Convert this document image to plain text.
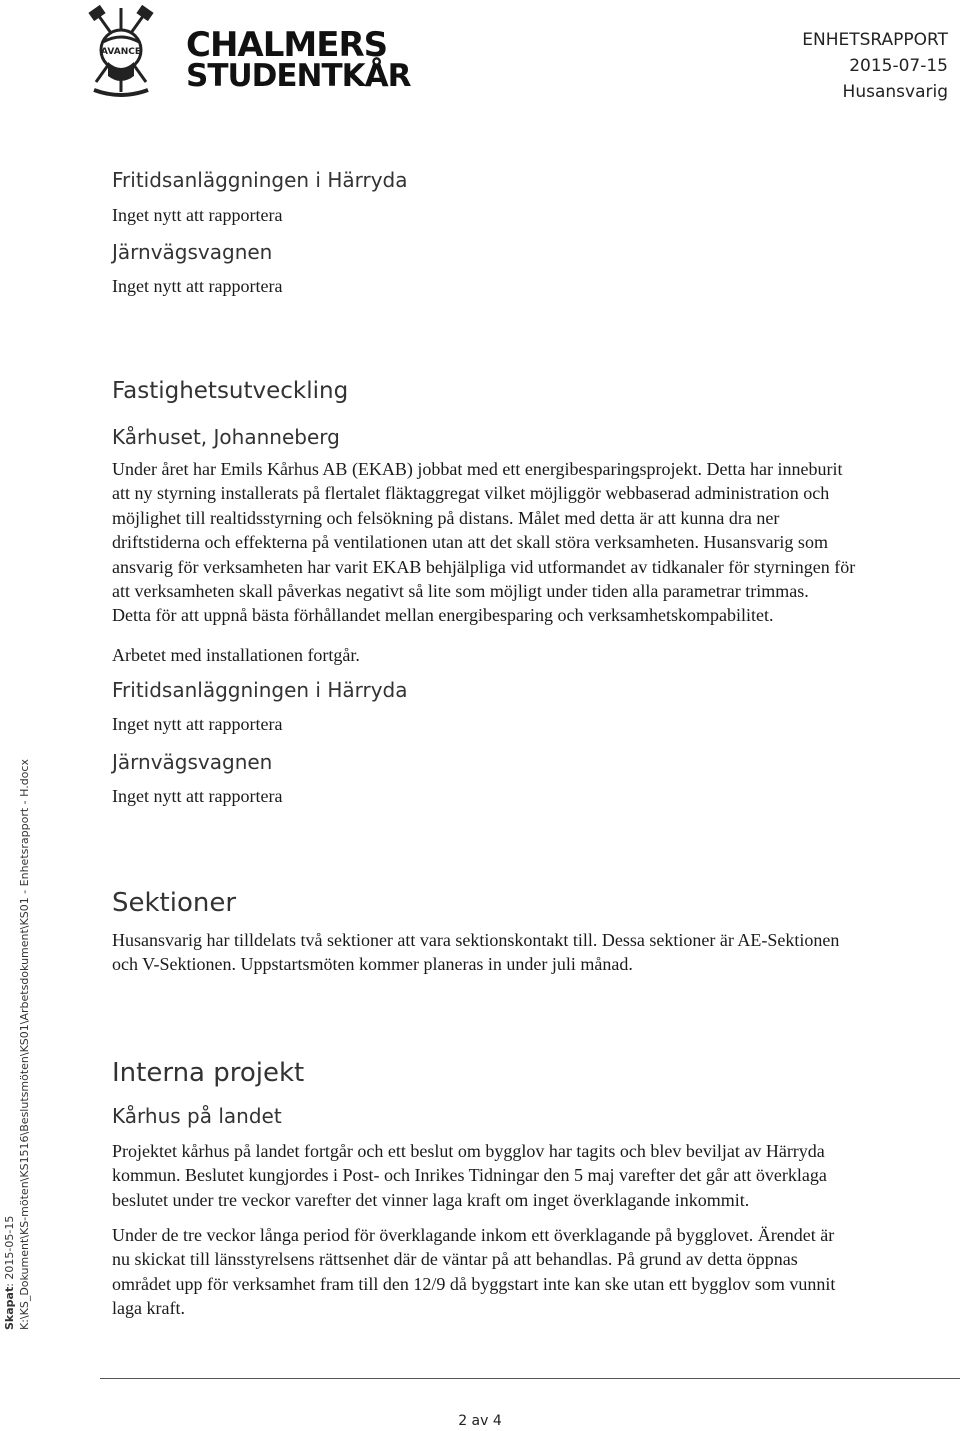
AVANCE CHALMERS
STUDENTKÅR
ENHETSRAPPORT
2015-07-15
Husansvarig
Fritidsanläggningen i Härryda
Inget nytt att rapportera
Järnvägsvagnen
Inget nytt att rapportera
Fastighetsutveckling
Kårhuset, Johanneberg
Under året har Emils Kårhus AB (EKAB) jobbat med ett energibesparingsprojekt. Detta har inneburit
att ny styrning installerats på flertalet fläktaggregat vilket möjliggör webbaserad administration och
möjlighet till realtidsstyrning och felsökning på distans. Målet med detta är att kunna dra ner
driftstiderna och effekterna på ventilationen utan att det skall störa verksamheten. Husansvarig som
ansvarig för verksamheten har varit EKAB behjälpliga vid utformandet av tidkanaler för styrningen för
att verksamheten skall påverkas negativt så lite som möjligt under tiden alla parametrar trimmas.
Detta för att uppnå bästa förhållandet mellan energibesparing och verksamhetskompabilitet.
Arbetet med installationen fortgår.
Fritidsanläggningen i Härryda
Inget nytt att rapportera
Järnvägsvagnen
Inget nytt att rapportera
Sektioner
Husansvarig har tilldelats två sektioner att vara sektionskontakt till. Dessa sektioner är AE-Sektionen
och V-Sektionen. Uppstartsmöten kommer planeras in under juli månad.
Interna projekt
Kårhus på landet
Projektet kårhus på landet fortgår och ett beslut om bygglov har tagits och blev beviljat av Härryda
kommun. Beslutet kungjordes i Post- och Inrikes Tidningar den 5 maj varefter det går att överklaga
beslutet under tre veckor varefter det vinner laga kraft om inget överklagande inkommit.
Under de tre veckor långa period för överklagande inkom ett överklagande på bygglovet. Ärendet är
nu skickat till länsstyrelsens rättsenhet där de väntar på att behandlas. På grund av detta öppnas
området upp för verksamhet fram till den 12/9 då byggstart inte kan ske utan ett bygglov som vunnit
laga kraft.
Skapat: 2015-05-15 K:\KS_Dokument\KS-möten\KS1516\Beslutsmöten\KS01\Arbetsdokument\KS01 - Enhetsrapport - H.docx
2 av 4
